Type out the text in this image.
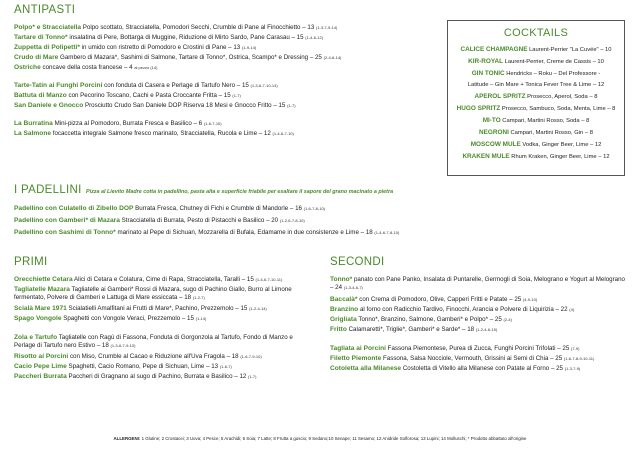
ANTIPASTI
Polpo* e Stracciatella Polpo scottato, Stracciatella, Pomodori Secchi, Crumble di Pane al Finocchietto – 13 (1-3-7-9-14)
Tartare di Tonno* insalatina di Pere, Bottarga di Muggine, Riduzione di Mirto Sardo, Pane Carasau – 15 (1-4-6-12)
Zuppetta di Polipetti* in umido con ristretto di Pomodoro e Crostini di Pane – 13 (1-9-14)
Crudo di Mare Gambero di Mazara*, Sashimi di Salmone, Tartare di Tonno*, Ostrica, Scampo* e Dressing – 25 (2-4-6-14)
Ostriche concave della costa francese – 4 al pezzo (14)
Tarte-Tatin ai Funghi Porcini con fonduta di Casera e Perlage di Tartufo Nero – 15 (1-3-6-7-10-14)
Battuta di Manzo con Pecorino Toscano, Cachi e Pasta Croccante Fritta – 15 (1-7)
San Daniele e Gnocco Prosciutto Crudo San Daniele DOP Riserva 18 Mesi e Gnocco Fritto – 15 (1-7)
La Burratina Mini-pizza al Pomodoro, Burrata Fresca e Basilico – 6 (1-6-7-10)
La Salmone focaccetta integrale Salmone fresco marinato, Stracciatella, Rucola e Lime – 12 (1-4-6-7-10)
COCKTAILS
CALICE CHAMPAGNE Laurent-Perrier "La Cuvée" – 10
KIR-ROYAL Laurent-Perrier, Creme de Cassis – 10
GIN TONIC Hendricks – Roku – Del Professore -
Latitude – Gin Mare + Tonica Fever Tree & Lime – 12
APEROL SPRITZ Prosecco, Aperol, Soda – 8
HUGO SPRITZ Prosecco, Sambuco, Soda, Menta, Lime – 8
MI-TO Campari, Martini Rosso, Soda – 8
NEGRONI Campari, Martini Rosso, Gin – 8
MOSCOW MULE Vodka, Ginger Beer, Lime – 12
KRAKEN MULE Rhum Kraken, Ginger Beer, Lime – 12
I PADELLINI Pizza al Lievito Madre cotta in padellino, pasta alta e superficie friabile per esaltare il sapore del grano macinato a pietra
Padellino con Culatello di Zibello DOP Burrata Fresca, Chutney di Fichi e Crumble di Mandorle – 16 (1-6-7-8-10)
Padellino con Gamberi* di Mazara Stracciatella di Burrata, Pesto di Pistacchi e Basilico – 20 (1-2-6-7-8-10)
Padellino con Sashimi di Tonno* marinato al Pepe di Sichuan, Mozzarella di Bufala, Edamame in due consistenze e Lime – 18 (1-4-6-7-8-10)
PRIMI
Orecchiette Cetara Alici di Cetara e Colatura, Cime di Rapa, Stracciatella, Taralli – 15 (1-4-6-7-10-11)
Tagliatelle Mazara Tagliatelle ai Gamberi* Rossi di Mazara, sugo di Pachino Giallo, Burro al Limone fermentato, Polvere di Gamberi e Lattuga di Mare essiccata – 18 (1-2-7)
Scialà Mare 1971 Scialatielli Amalfitani ai Frutti di Mare*, Pachino, Prezzemolo – 15 (1-2-4-14)
Spago Vongole Spaghetti con Vongole Veraci, Prezzemolo – 15 (1-14)
Zola e Tartufo Tagliatelle con Ragù di Fassona, Fonduta di Gorgonzola al Tartufo, Fondo di Manzo e Perlage di Tartufo nero Estivo – 18 (1-3-6-7-9-10)
Risotto ai Porcini con Miso, Crumble al Cacao e Riduzione all'Uva Fragola – 18 (1-6-7-9-10)
Cacio Pepe Lime Spaghetti, Cacio Romano, Pepe di Sichuan, Lime – 13 (1-6-7)
Paccheri Burrata Paccheri di Gragnano al sugo di Pachino, Burrata e Basilico – 12 (1-7)
SECONDI
Tonno* panato con Pane Panko, Insalata di Puntarelle, Germogli di Soia, Melograno e Yogurt al Melograno – 24 (1-3-4-6-7)
Baccalà* con Crema di Pomodoro, Olive, Capperi Fritti e Patate – 25 (4-9-10)
Branzino al forno con Radicchio Tardivo, Finocchi, Arancia e Polvere di Liquirizia – 22 (4)
Grigliata Tonno*, Branzino, Salmone, Gamberi* e Polpo* – 25 (2-4)
Fritto Calamaretti*, Triglie*, Gamberi* e Sarde* – 18 (1-2-4-6-15)
Tagliata ai Porcini Fassona Piemontese, Purea di Zucca, Funghi Porcini Trifolati – 25 (7-9)
Filetto Piemonte Fassona, Salsa Nocciole, Vermouth, Grissini ai Semi di Chia – 25 (1-6-7-8-9-10-11)
Cotoletta alla Milanese Costoletta di Vitello alla Milanese con Patate al Forno – 25 (1-3-7-9)
ALLERGENI: 1 Glutine; 2 Crostacei; 3 Uova; 4 Pesce; 5 Arachidi; 6 Soia; 7 Latte; 8 Frutta a guscio; 9 Sedano;10 Senape; 11 Sesamo; 12 Anidride Solforosa; 13 Lupini; 14 Molluschi; * Prodotto abbattuto all'origine
